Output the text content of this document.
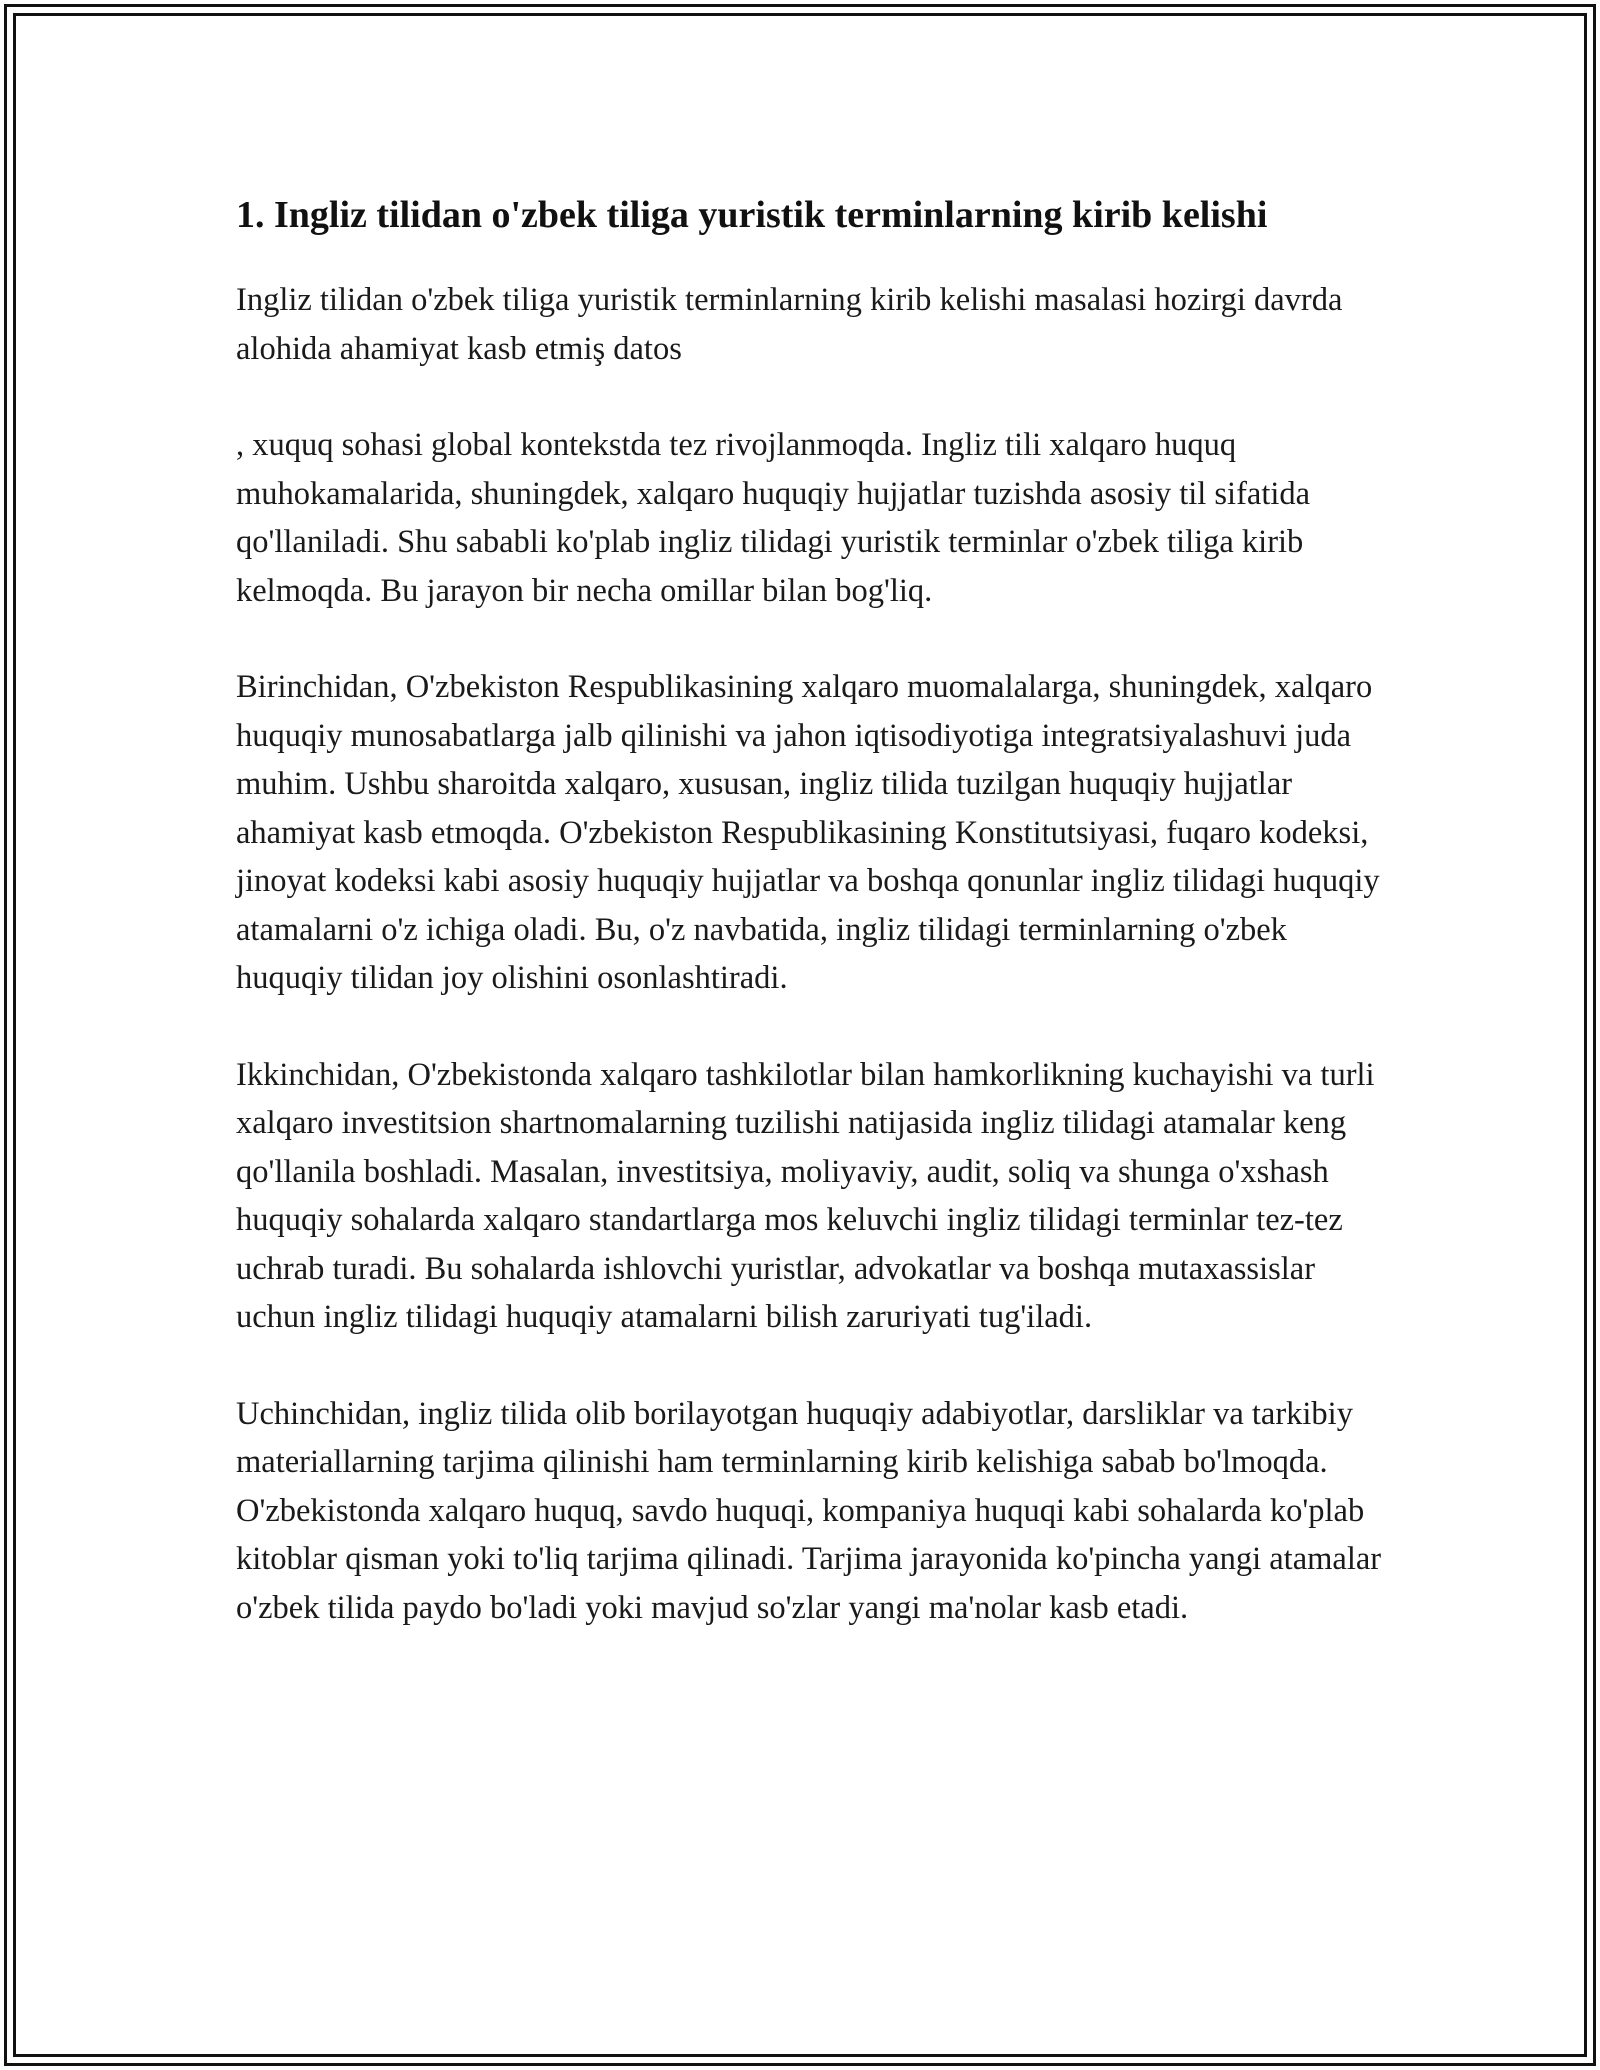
1. Ingliz tilidan o'zbek tiliga yuristik terminlarning kirib kelishi

Ingliz tilidan o'zbek tiliga yuristik terminlarning kirib kelishi masalasi hozirgi davrda alohida ahamiyat kasb etmiş datos

, xuquq sohasi global kontekstda tez rivojlanmoqda. Ingliz tili xalqaro huquq muhokamalarida, shuningdek, xalqaro huquqiy hujjatlar tuzishda asosiy til sifatida qo'llaniladi. Shu sababli ko'plab ingliz tilidagi yuristik terminlar o'zbek tiliga kirib kelmoqda. Bu jarayon bir necha omillar bilan bog'liq.

Birinchidan, O'zbekiston Respublikasining xalqaro muomalalarga, shuningdek, xalqaro huquqiy munosabatlarga jalb qilinishi va jahon iqtisodiyotiga integratsiyalashuvi juda muhim. Ushbu sharoitda xalqaro, xususan, ingliz tilida tuzilgan huquqiy hujjatlar ahamiyat kasb etmoqda. O'zbekiston Respublikasining Konstitutsiyasi, fuqaro kodeksi, jinoyat kodeksi kabi asosiy huquqiy hujjatlar va boshqa qonunlar ingliz tilidagi huquqiy atamalarni o'z ichiga oladi. Bu, o'z navbatida, ingliz tilidagi terminlarning o'zbek huquqiy tilidan joy olishini osonlashtiradi.

Ikkinchidan, O'zbekistonda xalqaro tashkilotlar bilan hamkorlikning kuchayishi va turli xalqaro investitsion shartnomalarning tuzilishi natijasida ingliz tilidagi atamalar keng qo'llanila boshladi. Masalan, investitsiya, moliyaviy, audit, soliq va shunga o'xshash huquqiy sohalarda xalqaro standartlarga mos keluvchi ingliz tilidagi terminlar tez-tez uchrab turadi. Bu sohalarda ishlovchi yuristlar, advokatlar va boshqa mutaxassislar uchun ingliz tilidagi huquqiy atamalarni bilish zaruriyati tug'iladi.

Uchinchidan, ingliz tilida olib borilayotgan huquqiy adabiyotlar, darsliklar va tarkibiy materiallarning tarjima qilinishi ham terminlarning kirib kelishiga sabab bo'lmoqda. O'zbekistonda xalqaro huquq, savdo huquqi, kompaniya huquqi kabi sohalarda ko'plab kitoblar qisman yoki to'liq tarjima qilinadi. Tarjima jarayonida ko'pincha yangi atamalar o'zbek tilida paydo bo'ladi yoki mavjud so'zlar yangi ma'nolar kasb etadi.
